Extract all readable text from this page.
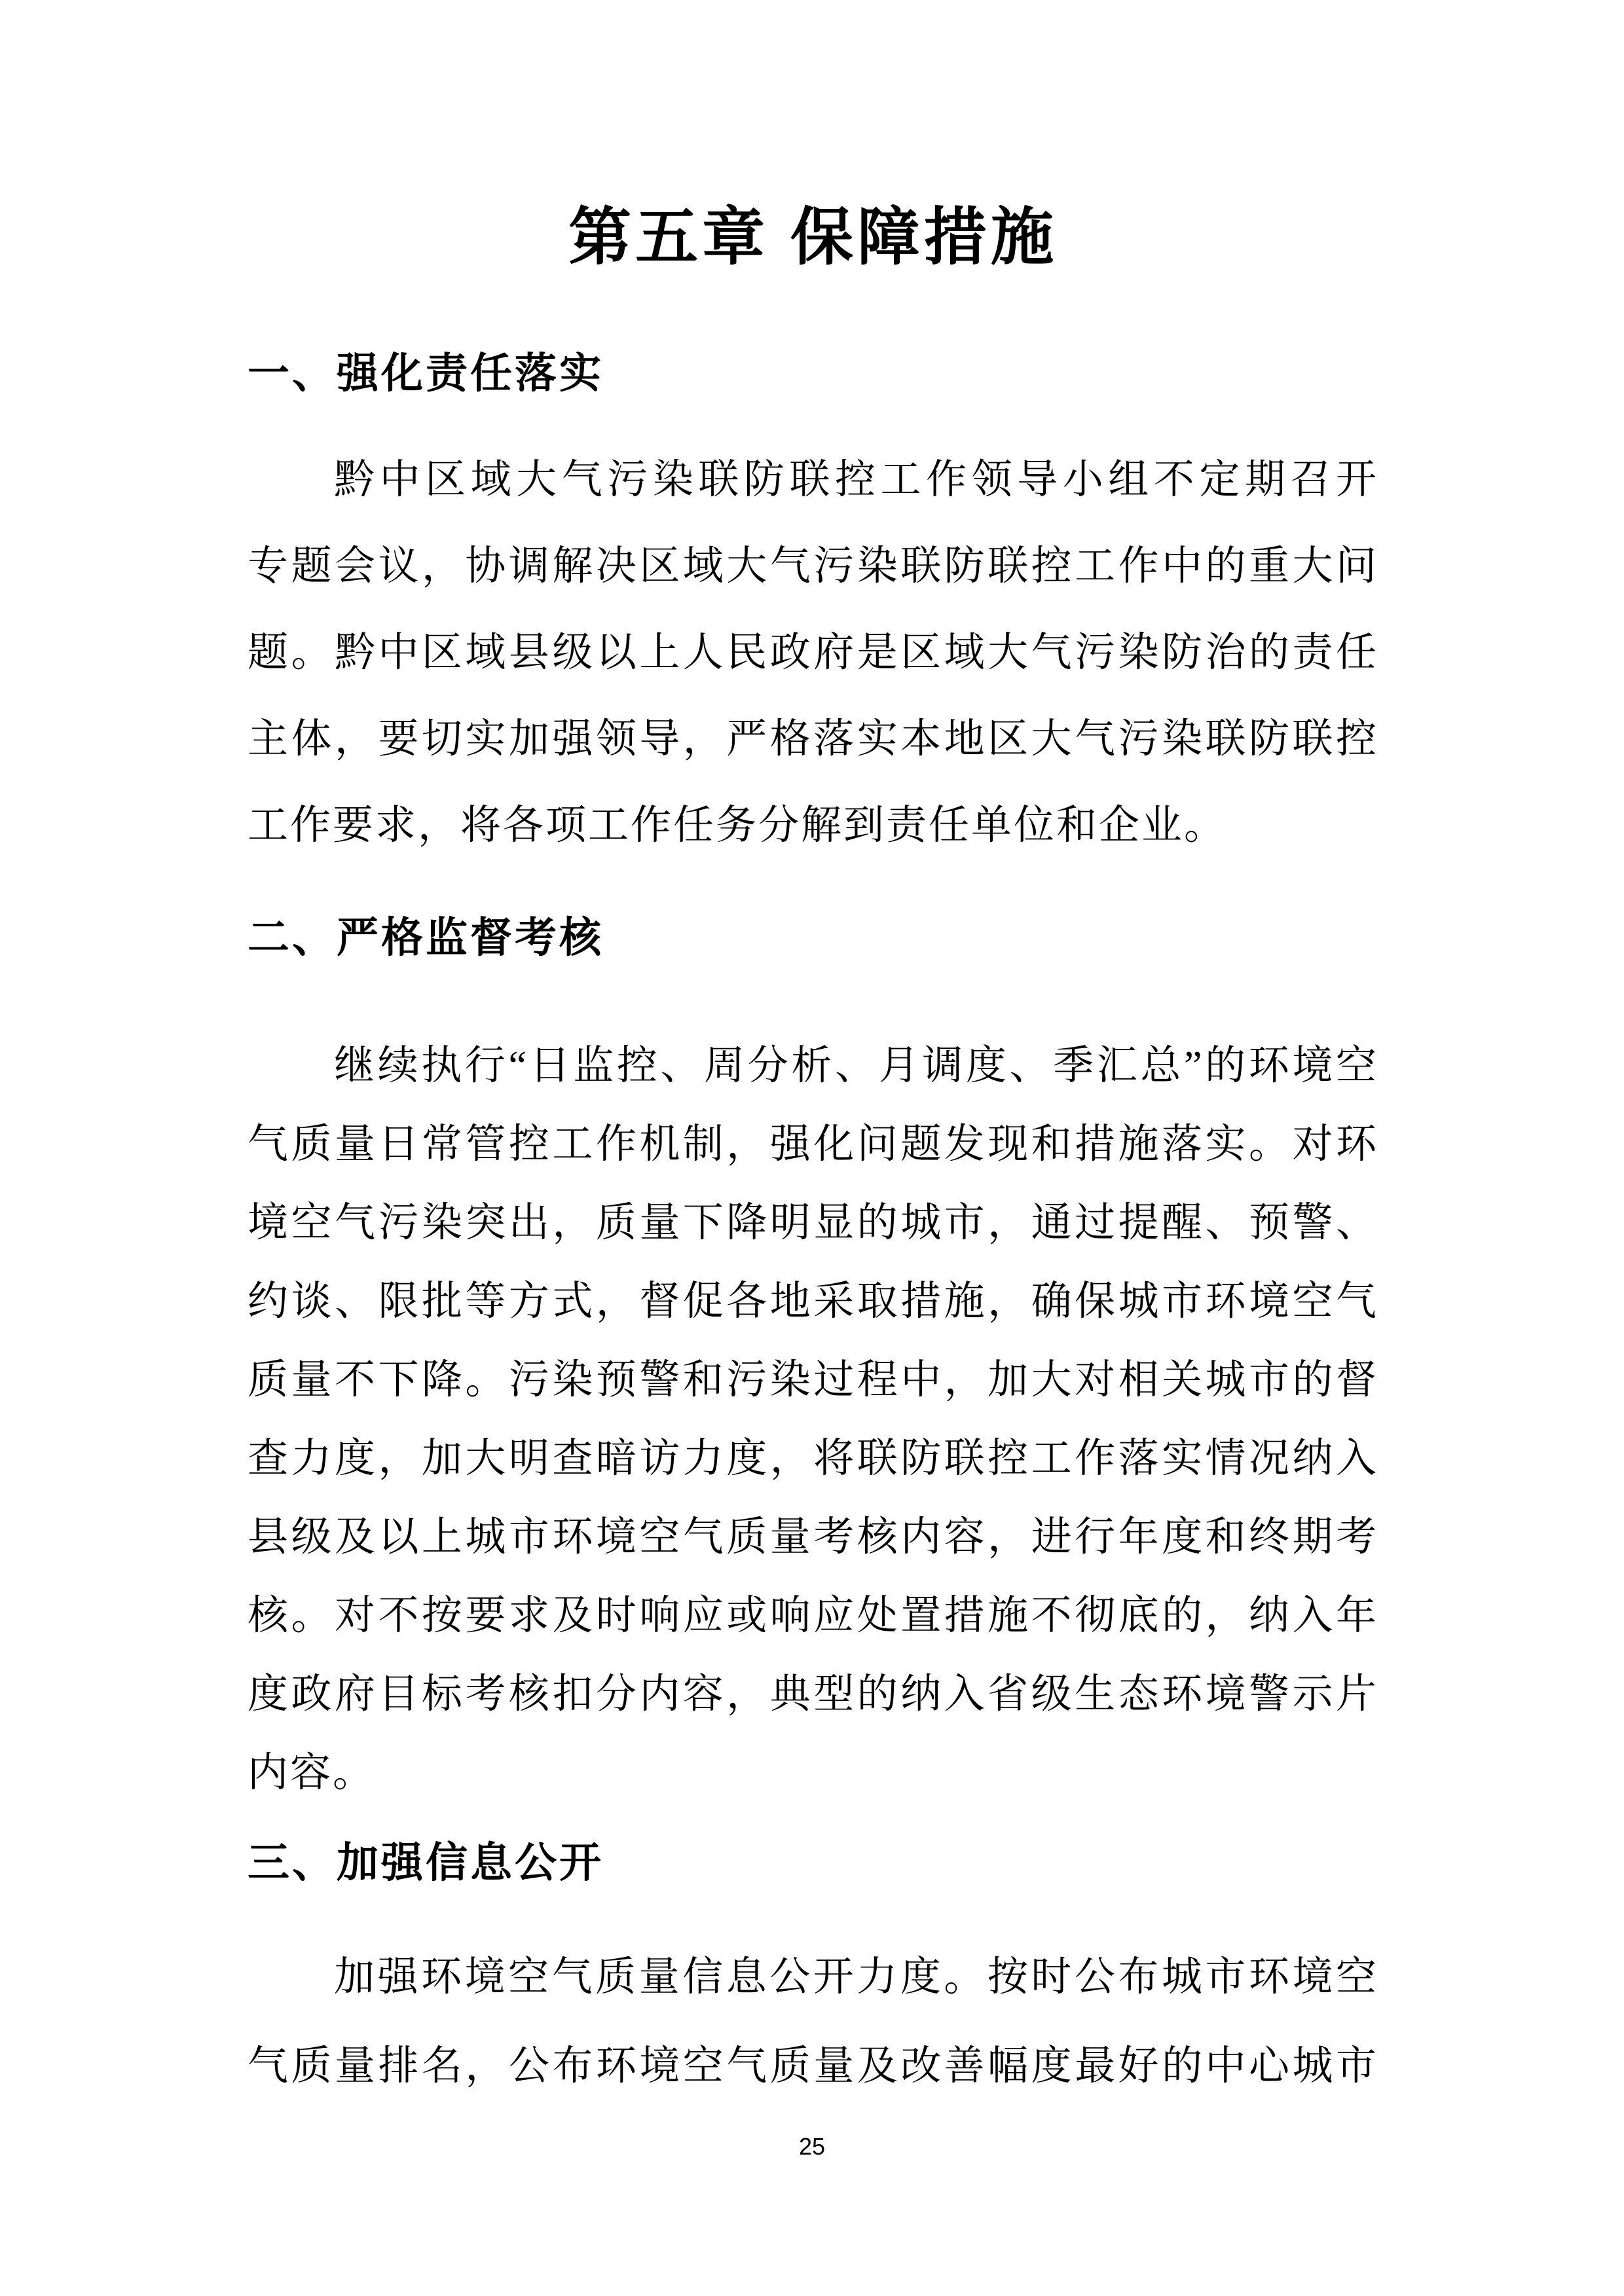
第五章 保障措施
一、强化责任落实
黔中区域大气污染联防联控工作领导小组不定期召开
专题会议，协调解决区域大气污染联防联控工作中的重大问
题。黔中区域县级以上人民政府是区域大气污染防治的责任
主体，要切实加强领导，严格落实本地区大气污染联防联控
工作要求，将各项工作任务分解到责任单位和企业。
二、严格监督考核
继续执行“日监控、周分析、月调度、季汇总”的环境空
气质量日常管控工作机制，强化问题发现和措施落实。对环
境空气污染突出，质量下降明显的城市，通过提醒、预警、
约谈、限批等方式，督促各地采取措施，确保城市环境空气
质量不下降。污染预警和污染过程中，加大对相关城市的督
查力度，加大明查暗访力度，将联防联控工作落实情况纳入
县级及以上城市环境空气质量考核内容，进行年度和终期考
核。对不按要求及时响应或响应处置措施不彻底的，纳入年
度政府目标考核扣分内容，典型的纳入省级生态环境警示片
内容。
三、加强信息公开
加强环境空气质量信息公开力度。按时公布城市环境空
气质量排名，公布环境空气质量及改善幅度最好的中心城市
25
